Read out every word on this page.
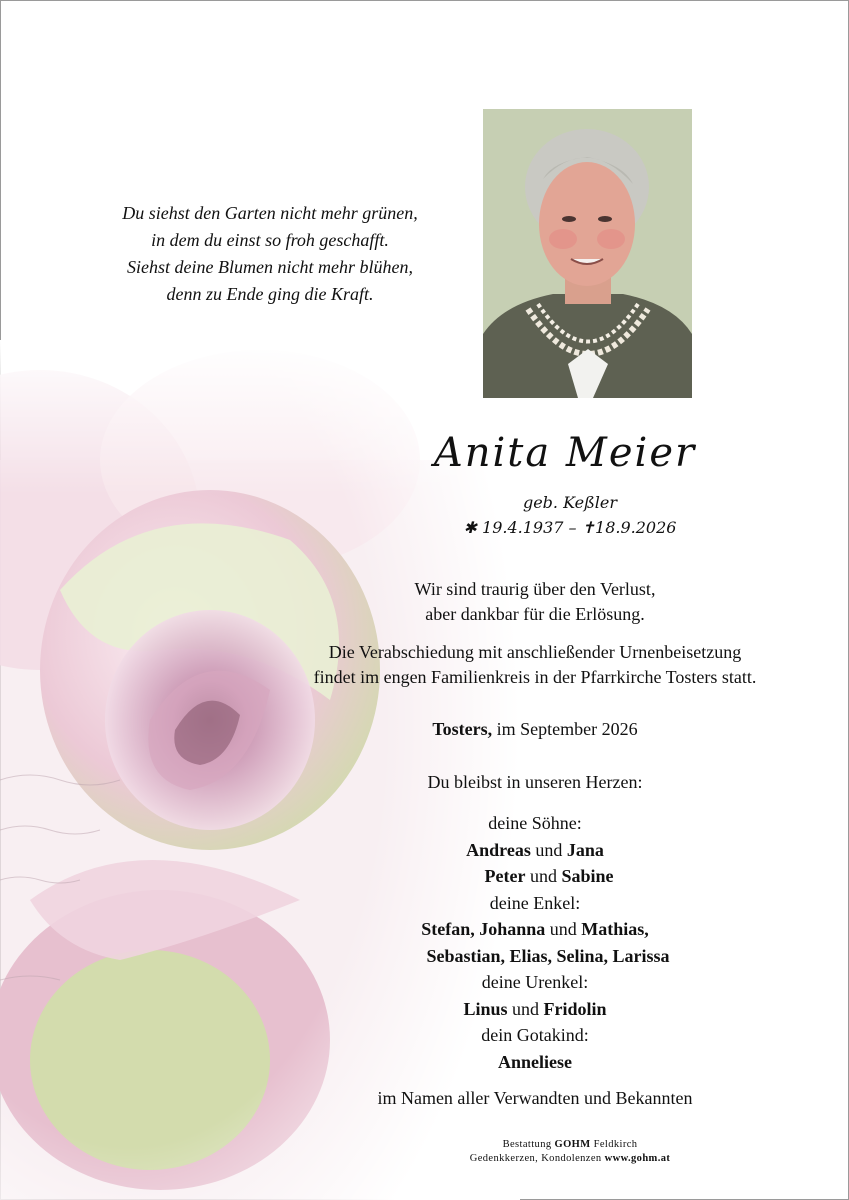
Du siehst den Garten nicht mehr grünen,
in dem du einst so froh geschafft.
Siehst deine Blumen nicht mehr blühen,
denn zu Ende ging die Kraft.
Anita Meier
geb. Keßler
✱ 19.4.1937 – ✝18.9.2026
Wir sind traurig über den Verlust,
aber dankbar für die Erlösung.
Die Verabschiedung mit anschließender Urnenbeisetzung
findet im engen Familienkreis in der Pfarrkirche Tosters statt.
Tosters, im September 2026
Du bleibst in unseren Herzen:
deine Söhne:
Andreas und Jana
Peter und Sabine
deine Enkel:
Stefan, Johanna und Mathias,
Sebastian, Elias, Selina, Larissa
deine Urenkel:
Linus und Fridolin
dein Gotakind:
Anneliese
im Namen aller Verwandten und Bekannten
Bestattung GOHM Feldkirch
Gedenkkerzen, Kondolenzen www.gohm.at
